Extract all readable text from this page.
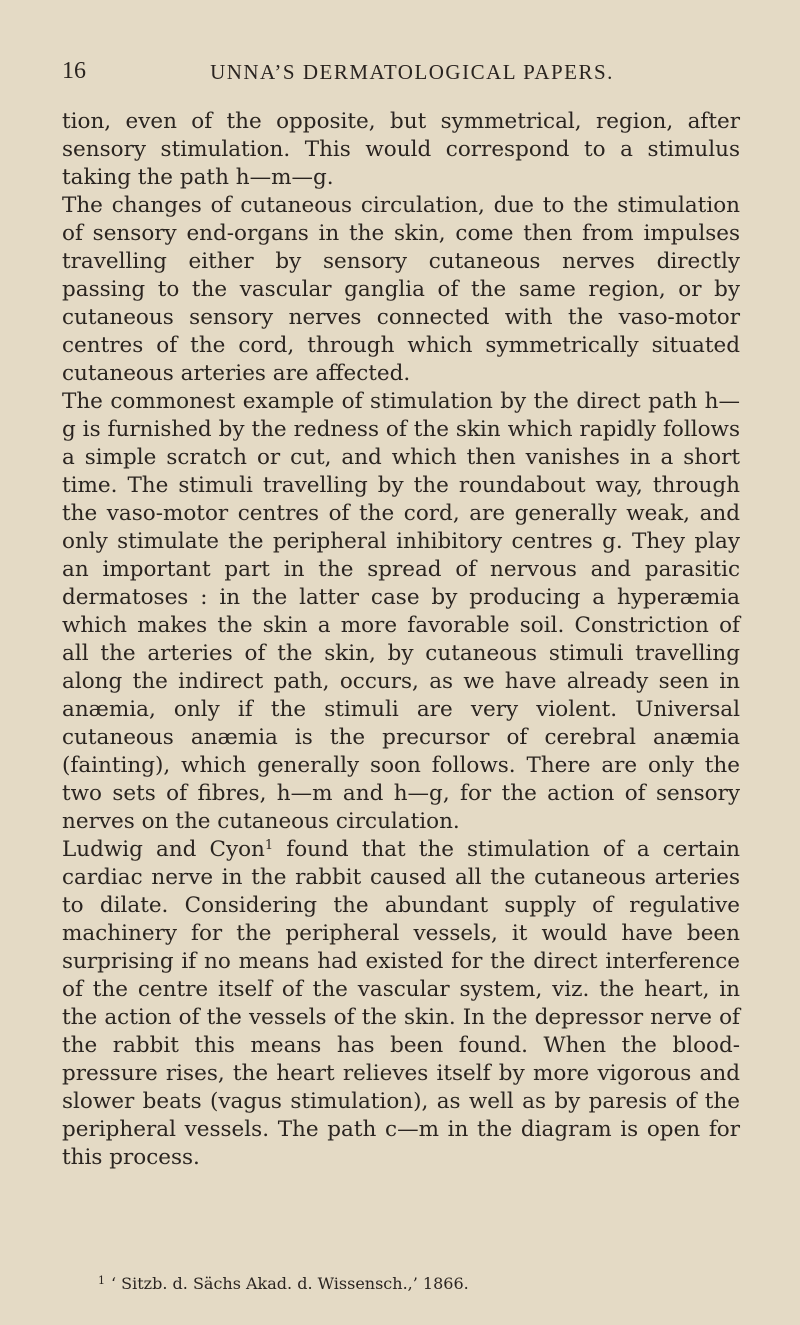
16	UNNA’S DERMATOLOGICAL PAPERS.

tion, even of the opposite, but symmetrical, region, after sensory stimulation. This would correspond to a stimulus taking the path h—m—g.

The changes of cutaneous circulation, due to the stimulation of sensory end-organs in the skin, come then from impulses travelling either by sensory cutaneous nerves directly passing to the vascular ganglia of the same region, or by cutaneous sensory nerves connected with the vaso-motor centres of the cord, through which symmetrically situated cutaneous arteries are affected.

The commonest example of stimulation by the direct path h—g is furnished by the redness of the skin which rapidly follows a simple scratch or cut, and which then vanishes in a short time. The stimuli travelling by the roundabout way, through the vaso-motor centres of the cord, are generally weak, and only stimulate the peripheral inhibitory centres g. They play an important part in the spread of nervous and parasitic dermatoses : in the latter case by producing a hyperæmia which makes the skin a more favorable soil. Constriction of all the arteries of the skin, by cutaneous stimuli travelling along the indirect path, occurs, as we have already seen in anæmia, only if the stimuli are very violent. Universal cutaneous anæmia is the precursor of cerebral anæmia (fainting), which generally soon follows. There are only the two sets of fibres, h—m and h—g, for the action of sensory nerves on the cutaneous circulation.

Ludwig and Cyon$^1$ found that the stimulation of a certain cardiac nerve in the rabbit caused all the cutaneous arteries to dilate. Considering the abundant supply of regulative machinery for the peripheral vessels, it would have been surprising if no means had existed for the direct interference of the centre itself of the vascular system, viz. the heart, in the action of the vessels of the skin. In the depressor nerve of the rabbit this means has been found. When the blood-pressure rises, the heart relieves itself by more vigorous and slower beats (vagus stimulation), as well as by paresis of the peripheral vessels. The path c—m in the diagram is open for this process.

$^1$ ‘ Sitzb. d. Sächs Akad. d. Wissensch.,’ 1866.
